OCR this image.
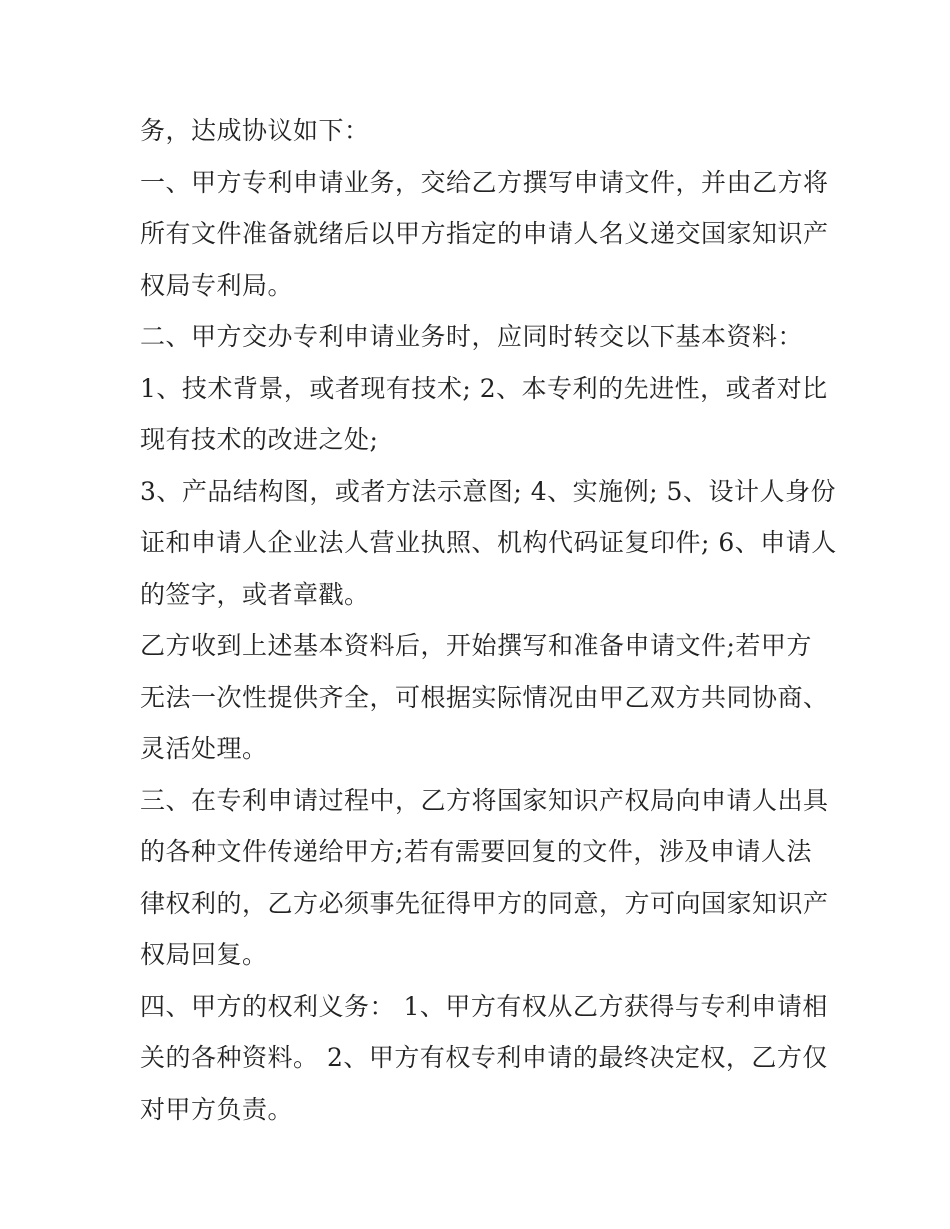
务，达成协议如下：
一、甲方专利申请业务，交给乙方撰写申请文件，并由乙方将
所有文件准备就绪后以甲方指定的申请人名义递交国家知识产
权局专利局。
二、甲方交办专利申请业务时，应同时转交以下基本资料：
1、技术背景，或者现有技术; 2、本专利的先进性，或者对比
现有技术的改进之处;
3、产品结构图，或者方法示意图; 4、实施例; 5、设计人身份
证和申请人企业法人营业执照、机构代码证复印件; 6、申请人
的签字，或者章戳。
乙方收到上述基本资料后，开始撰写和准备申请文件;若甲方
无法一次性提供齐全，可根据实际情况由甲乙双方共同协商、
灵活处理。
三、在专利申请过程中，乙方将国家知识产权局向申请人出具
的各种文件传递给甲方;若有需要回复的文件，涉及申请人法
律权利的，乙方必须事先征得甲方的同意，方可向国家知识产
权局回复。
四、甲方的权利义务： 1、甲方有权从乙方获得与专利申请相
关的各种资料。 2、甲方有权专利申请的最终决定权，乙方仅
对甲方负责。
